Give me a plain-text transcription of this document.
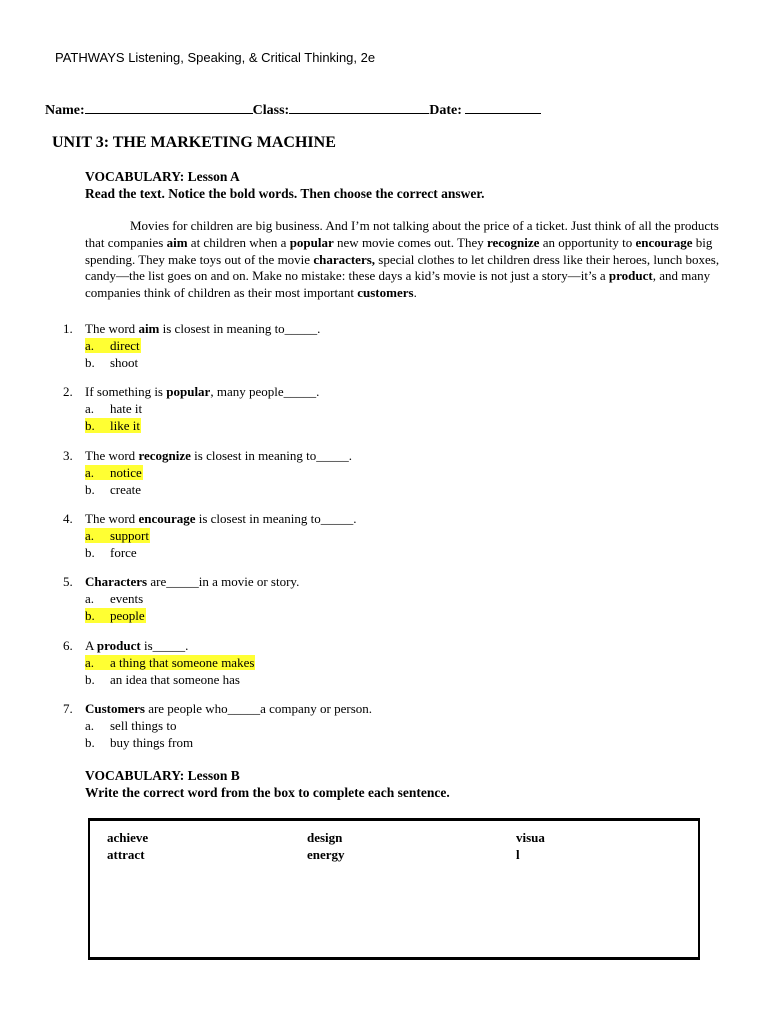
PATHWAYS Listening, Speaking, & Critical Thinking, 2e
Name:	Class:	Date:
UNIT 3: THE MARKETING MACHINE
VOCABULARY: Lesson A
Read the text. Notice the bold words. Then choose the correct answer.
Movies for children are big business. And I’m not talking about the price of a ticket. Just think of all the products that companies aim at children when a popular new movie comes out. They recognize an opportunity to encourage big spending. They make toys out of the movie characters, special clothes to let children dress like their heroes, lunch boxes, candy—the list goes on and on. Make no mistake: these days a kid’s movie is not just a story—it’s a product, and many companies think of children as their most important customers.
1. The word aim is closest in meaning to_____.
a. direct
b. shoot
2. If something is popular, many people_____.
a. hate it
b. like it
3. The word recognize is closest in meaning to_____.
a. notice
b. create
4. The word encourage is closest in meaning to_____.
a. support
b. force
5. Characters are_____in a movie or story.
a. events
b. people
6. A product is_____.
a. a thing that someone makes
b. an idea that someone has
7. Customers are people who_____a company or person.
a. sell things to
b. buy things from
VOCABULARY: Lesson B
Write the correct word from the box to complete each sentence.
achieve
attract
design
energy
visua
l
